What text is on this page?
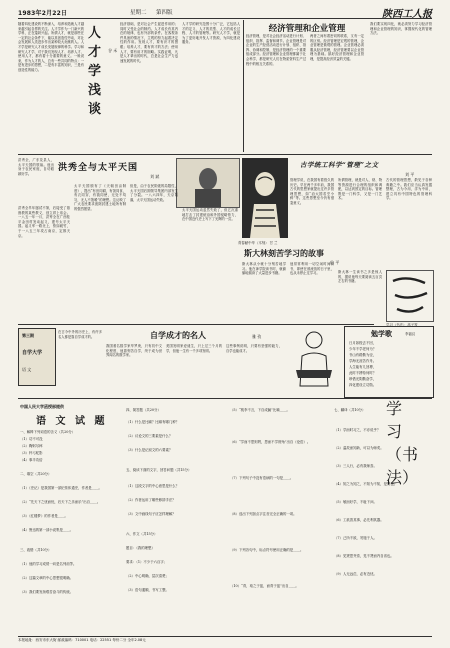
1983年2月22日	星期二 第四版	陕西工人报
随着四化建设的不断深入，培养和造就人才越来越引起各界的关注。人才学作为一门新兴的学科，正在蓬勃兴起。所谓人才，就是那些在一定的社会条件下，能以其创造性劳动，对社会发展和人类进步作出某种较大贡献的人。人才学是研究人才成长发展规律的科学。学习和研究人才学，对于我们发现人才、培养人才、使用人才，都有着十分重要的意义。一般说来，作为人才的人，总有一些共同的特点：一是有进步的思想，二是有丰富的知识，三是有创造性的能力。
人
才
学
浅
谈
谷 禾
经济基础，是对社会产生促进作用的；同时又受社会的制约。人才成长有其内在的规律，也有外部的条件。在客观条件具备的情况下，主观的努力起着决定性的作用。发现人才，要有识才的慧眼；培养人才，要有育才的方法；使用人才，要有用才的胆略。实践证明，凡是人才辈出的时代，总是社会生产力迅速发展的时代。
人才学的研究范围十分广泛，它包括人才的定义、人才的类型、人才的成长过程、人才的管理等。研究人才学，就是为了更好地开发人才资源，为四化建设服务。
经济管理和企业管理
经济管理，是对社会经济活动进行计划、组织、指挥、监督和调节。企业管理是对企业的生产经营活动进行计划、组织、指挥、协调和控制，是经济管理的一个重要组成部分。经济管理和企业管理都属于社会科学，都是研究人们在物质资料生产过程中的相互关系的。
两者之间有着密切的联系，又有一定的区别。经济管理是宏观的管理，企业管理是微观的管理。企业管理必须服从经济管理，经济管理要以企业管理为基础。搞好经济管理和企业管理，是提高经济效益的关键。
我们要实现四化，就必须努力学习经济管理和企业管理的知识，掌握现代化的管理方法。
洪秀全，广东花县人，太平天国的领袖。他出身于农民家庭，自幼聪颖好学。
洪秀全与太平天国
刘 斌
洪秀全早年屡试不第，后接受了基督教的某些教义，创立拜上帝会。一八五一年一月，洪秀全在广西桂平金田村发动起义，建号太平天国。起义军一路北上，势如破竹，于一八五三年攻占南京，定都天京。
太平天国颁布了《天朝田亩制度》，提出“有田同耕，有饭同食，有衣同穿，有钱同使，无处不均匀，无人不饱暖”的理想。这反映了广大农民要求废除封建土地所有制的强烈愿望。
但是，由于农民阶级的局限性，太平天国后期领导集团内部发生了分裂。一八六四年，天京陷落，太平天国运动失败。
太平天国运动虽然失败了，但它沉重地打击了封建统治和外国侵略势力，在中国近代史上写下了光辉的一页。
古学统工科学“管理”之文
刘 平
管理学说，在我国有着悠久的历史。早在两千多年前，我国古代的思想家就提出过许多管理思想，如“治大国若烹小鲜”等。这些思想至今仍有借鉴意义。
所谓管理，就是对人、财、物等资源进行合理的组织和调配，以达到预定的目标。管理既是一门科学，又是一门艺术。
古代的管理思想，散见于各种典籍之中。我们应当认真发掘整理，古为今用，洋为中用，建立具有中国特色的管理科学。
青春献中华（木刻） 甘 兰
斯大林刻苦学习的故事
伯 平
斯大林从小就十分刻苦地学习。他在神学院读书时，就偷偷地阅读了大量进步书籍。
他常常利用一切空闲时间读书，即使在被流放的日子里，也从未停止过学习。	斯大林一生读书之多是惊人的，据说他每天要阅读五百页左右的书籍。
学习（书法） 高子牧
第三期
自学大学
语 文
自学成才的名人	雅 孜
在古今中外的历史上，有许多名人都是靠自学成才的。
我国著名数学家华罗庚，只有初中文化程度，他靠刻苦自学，终于成为世界闻名的数学家。
美国发明家爱迪生，只上过三个月的学，但他一生有一千多项发明。
这些事例说明，只要有坚强的毅力，自学也能成才。
勉学歌	李福汉
日月如梭去不回，
少年不学老何为？
书山有路勤为径，
学海无涯苦作舟。
人生能有几回搏，
此时不搏待何时？
珍惜光阴勤奋学，
四化建设立功勋。
学 习（书法）
中国人民大学函授部提供
语 文 试 题
一、解释下列词语的含义（共20分）
（1）功不可没
（2）鞠躬尽瘁
（3）杯弓蛇影
（4）事半功倍
二、填空（共20分）
（1）《史记》是我国第一部纪传体通史，作者是____。
（2）“先天下之忧而忧，后天下之乐而乐”出自____。
（3）《红楼梦》的作者是____。
（4）鲁迅的第一部小说集是____。
三、改错（共10分）
（1）他的学习成绩一向是名列前茅。
（2）这篇文章的中心思想很明确。
（3）我们要发扬艰苦奋斗的传统。
四、简答题（共20分）
（1）什么是比喻？比喻有哪几种？
（2）议论文的三要素是什么？
（3）什么是记叙文的六要素？
五、阅读下面的文字，回答问题（共15分）
（1）这段文字的中心意思是什么？
（2）作者运用了哪些修辞手法？
（3）文中画线句子应怎样理解？
六、作文（共15分）
题目：《我的理想》
要求：（1）不少于六百字；
（2）中心明确，层次清楚；
（3）语句通顺，书写工整。
（5）“桃李不言，下自成蹊”比喻____。
（6）“学而不思则罔，思而不学则殆”出自《论语》。
（7）下列句子中没有语病的一句是____。
（8）选出下列加点字注音完全正确的一项。
（9）下列各句中，标点符号使用正确的是____。
（10）“青，取之于蓝，而青于蓝”出自____。
七、翻译（共10分）
（1）学而时习之，不亦说乎？
（2）温故而知新，可以为师矣。
（3）三人行，必有我师焉。
（4）知之为知之，不知为不知，是知也。
（5）敏而好学，不耻下问。
（6）工欲善其事，必先利其器。
（7）己所不欲，勿施于人。
（8）见贤思齐焉，见不贤而内自省也。
（9）人无远虑，必有近忧。
本报地址：西安市东大街 邮政编码：710001 电话：22551 每份二分 全年2.08元
